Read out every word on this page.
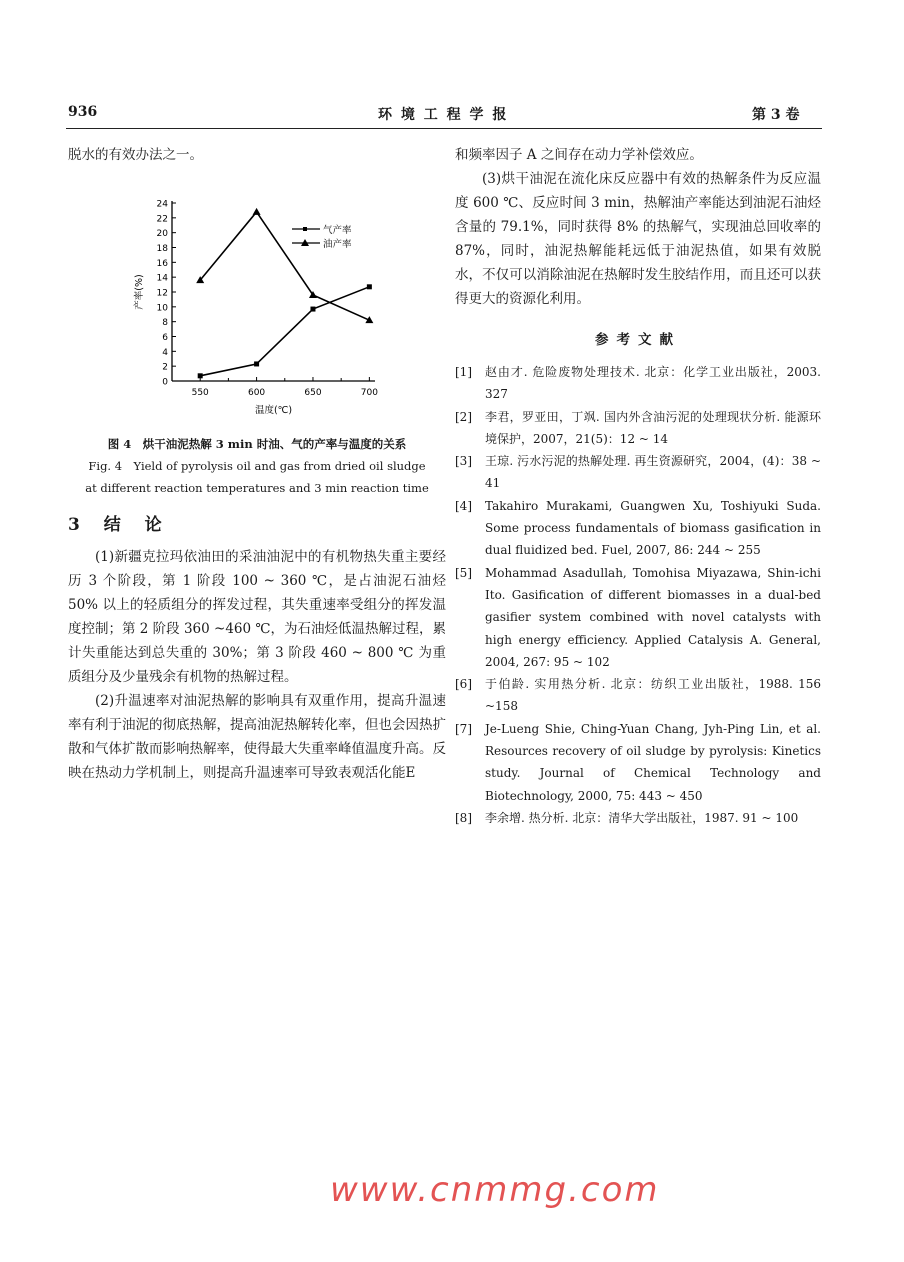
936	环 境 工 程 学 报	第 3 卷

脱水的有效办法之一。

0
2
4
6
8
10
12
14
16
18
20
22
24
550	600	650	700
温度(℃)
产率(%)
气产率
油产率
图 4　烘干油泥热解 3 min 时油、气的产率与温度的关系
Fig. 4　Yield of pyrolysis oil and gas from dried oil sludge
at different reaction temperatures and 3 min reaction time
3 结 论

(1)新疆克拉玛依油田的采油油泥中的有机物热失重主要经历 3 个阶段，第 1 阶段 100 ~ 360 ℃，是占油泥石油烃 50% 以上的轻质组分的挥发过程，其失重速率受组分的挥发温度控制；第 2 阶段 360 ~460 ℃，为石油烃低温热解过程，累计失重能达到总失重的 30%；第 3 阶段 460 ~ 800 ℃ 为重质组分及少量残余有机物的热解过程。

(2)升温速率对油泥热解的影响具有双重作用，提高升温速率有利于油泥的彻底热解，提高油泥热解转化率，但也会因热扩散和气体扩散而影响热解率，使得最大失重率峰值温度升高。反映在热动力学机制上，则提高升温速率可导致表观活化能E

和频率因子 A 之间存在动力学补偿效应。

(3)烘干油泥在流化床反应器中有效的热解条件为反应温度 600 ℃、反应时间 3 min，热解油产率能达到油泥石油烃含量的 79.1%，同时获得 8% 的热解气，实现油总回收率的 87%，同时，油泥热解能耗远低于油泥热值，如果有效脱水，不仅可以消除油泥在热解时发生胶结作用，而且还可以获得更大的资源化利用。

参考文献
[1]	赵由才. 危险废物处理技术. 北京：化学工业出版社，2003. 327
[2]	李君，罗亚田，丁飒. 国内外含油污泥的处理现状分析. 能源环境保护，2007，21(5)：12 ~ 14
[3]	王琼. 污水污泥的热解处理. 再生资源研究，2004，(4)：38 ~ 41
[4]	Takahiro Murakami, Guangwen Xu, Toshiyuki Suda. Some process fundamentals of biomass gasification in dual fluidized bed. Fuel, 2007, 86: 244 ~ 255
[5]	Mohammad Asadullah, Tomohisa Miyazawa, Shin-ichi Ito. Gasification of different biomasses in a dual-bed gasifier system combined with novel catalysts with high energy efficiency. Applied Catalysis A. General, 2004, 267: 95 ~ 102
[6]	于伯龄. 实用热分析. 北京：纺织工业出版社，1988. 156 ~158
[7]	Je-Lueng Shie, Ching-Yuan Chang, Jyh-Ping Lin, et al. Resources recovery of oil sludge by pyrolysis: Kinetics study. Journal of Chemical Technology and Biotechnology, 2000, 75: 443 ~ 450
[8]	李余增. 热分析. 北京：清华大学出版社，1987. 91 ~ 100
www.cnmmg.com
